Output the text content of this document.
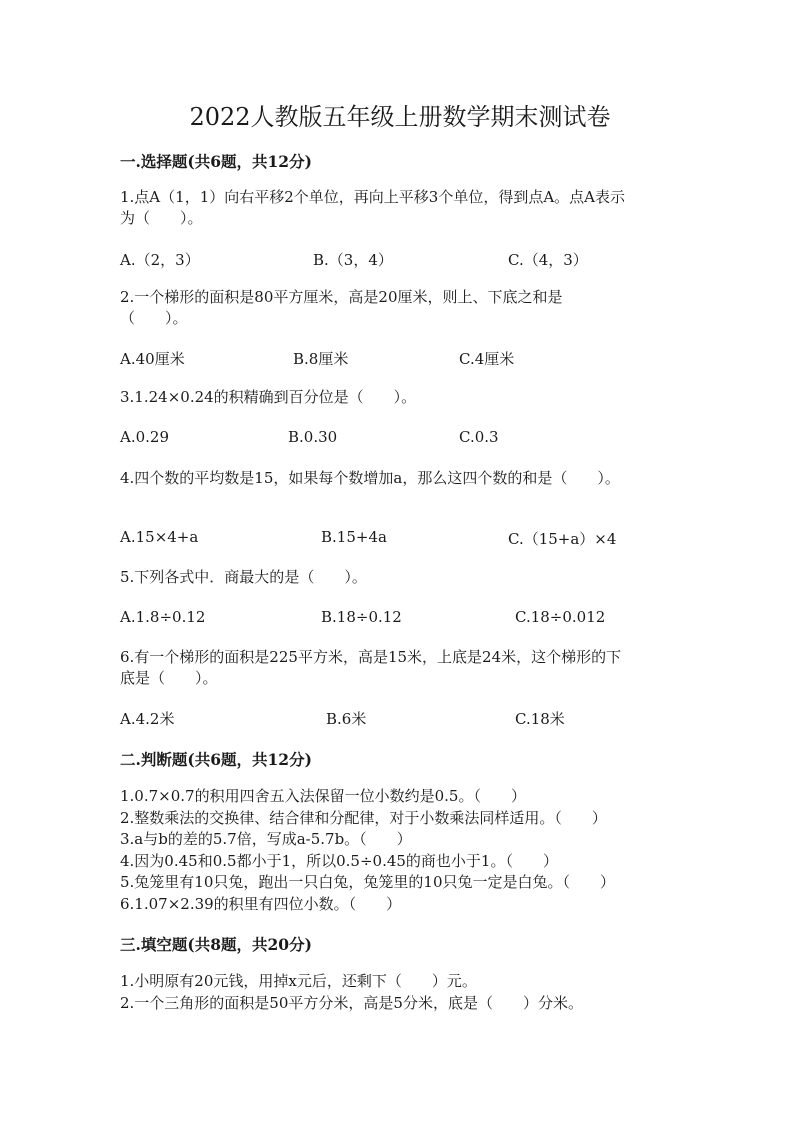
2022人教版五年级上册数学期末测试卷
一.选择题(共6题，共12分)
1.点A（1，1）向右平移2个单位，再向上平移3个单位，得到点A。点A表示
为（　　）。
A.（2，3）	B.（3，4）	C.（4，3）
2.一个梯形的面积是80平方厘米，高是20厘米，则上、下底之和是
（　　）。
A.40厘米	B.8厘米	C.4厘米
3.1.24×0.24的积精确到百分位是（　　）。
A.0.29	B.0.30	C.0.3
4.四个数的平均数是15，如果每个数增加a，那么这四个数的和是（　　）。
A.15×4+a	B.15+4a	C.（15+a）×4
5.下列各式中．商最大的是（　　）。
A.1.8÷0.12	B.18÷0.12	C.18÷0.012
6.有一个梯形的面积是225平方米，高是15米，上底是24米，这个梯形的下
底是（　　）。
A.4.2米	B.6米	C.18米
二.判断题(共6题，共12分)
1.0.7×0.7的积用四舍五入法保留一位小数约是0.5。（　　）
2.整数乘法的交换律、结合律和分配律，对于小数乘法同样适用。（　　）
3.a与b的差的5.7倍，写成a-5.7b。（　　）
4.因为0.45和0.5都小于1，所以0.5÷0.45的商也小于1。（　　）
5.兔笼里有10只兔，跑出一只白兔，兔笼里的10只兔一定是白兔。（　　）
6.1.07×2.39的积里有四位小数。（　　）
三.填空题(共8题，共20分)
1.小明原有20元钱，用掉x元后，还剩下（　　）元。
2.一个三角形的面积是50平方分米，高是5分米，底是（　　）分米。
